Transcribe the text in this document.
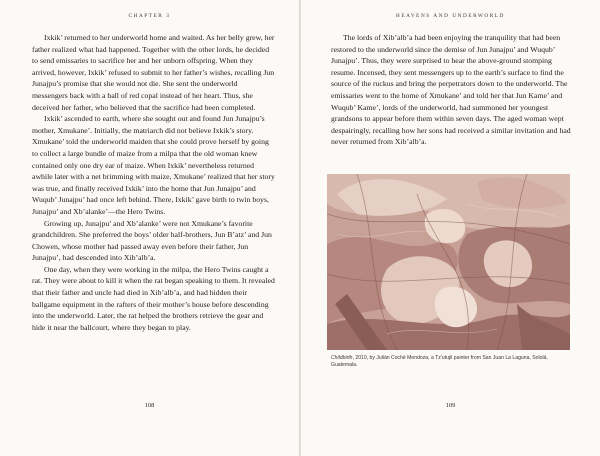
CHAPTER 3

Ixkik’ returned to her underworld home and waited. As her belly grew, her father realized what had happened. Together with the other lords, he decided to send emissaries to sacrifice her and her unborn offspring. When they arrived, however, Ixkik’ refused to submit to her father’s wishes, recalling Jun Junajpu’s promise that she would not die. She sent the underworld messengers back with a ball of red copal instead of her heart. Thus, she deceived her father, who believed that the sacrifice had been completed.

Ixkik’ ascended to earth, where she sought out and found Jun Junajpu’s mother, Xmukane’. Initially, the matriarch did not believe Ixkik’s story. Xmukane’ told the underworld maiden that she could prove herself by going to collect a large bundle of maize from a milpa that the old woman knew contained only one dry ear of maize. When Ixkik’ nevertheless returned awhile later with a net brimming with maize, Xmukane’ realized that her story was true, and finally received Ixkik’ into the home that Jun Junajpu’ and Wuqub’ Junajpu’ had once left behind. There, Ixkik’ gave birth to twin boys, Junajpu’ and Xb’alanke’—the Hero Twins.

Growing up, Junajpu’ and Xb’alanke’ were not Xmukane’s favorite grandchildren. She preferred the boys’ older half-brothers, Jun B’atz’ and Jun Chowen, whose mother had passed away even before their father, Jun Junajpu’, had descended into Xib’alb’a.

One day, when they were working in the milpa, the Hero Twins caught a rat. They were about to kill it when the rat began speaking to them. It revealed that their father and uncle had died in Xib’alb’a, and had hidden their ballgame equipment in the rafters of their mother’s house before descending into the underworld. Later, the rat helped the brothers retrieve the gear and hide it near the ballcourt, where they began to play.

108
HEAVENS AND UNDERWORLD

The lords of Xib’alb’a had been enjoying the tranquility that had been restored to the underworld since the demise of Jun Junajpu’ and Wuqub’ Junajpu’. Thus, they were surprised to hear the above-ground stomping resume. Incensed, they sent messengers up to the earth’s surface to find the source of the ruckus and bring the perpetrators down to the underworld. The emissaries went to the home of Xmukane’ and told her that Jun Kame’ and Wuqub’ Kame’, lords of the underworld, had summoned her youngest grandsons to appear before them within seven days. The aged woman wept despairingly, recalling how her sons had received a similar invitation and had never returned from Xib’alb’a.

Childbirth, 2010, by Julián Coché Mendoza, a Tz’utujil painter from San Juan La Laguna, Sololá, Guatemala.
109
